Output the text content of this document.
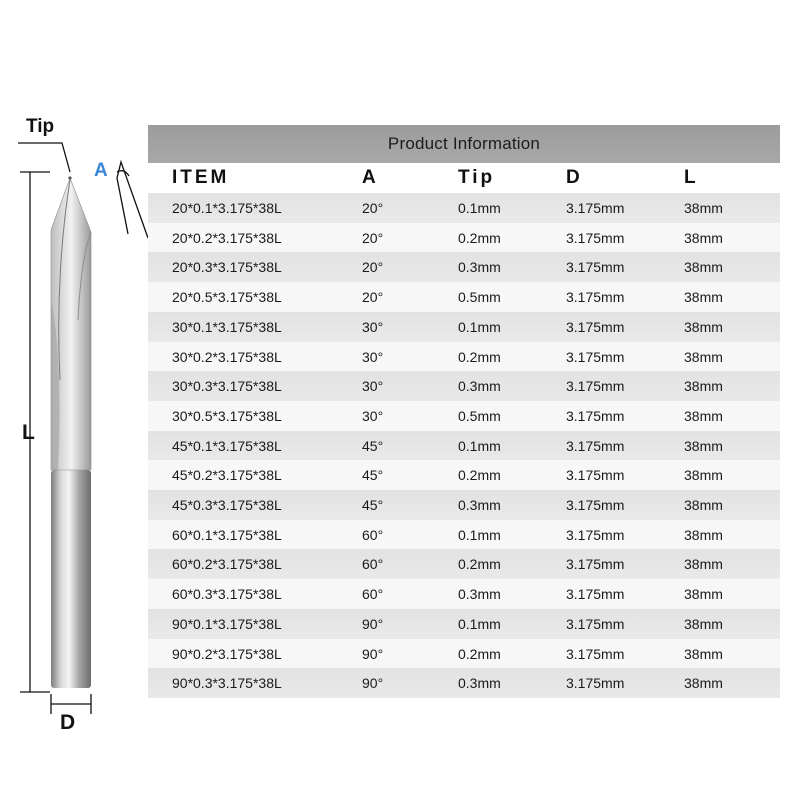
Tip
A
L
D
Product Information
ITEM	A	Tip	D	L
20*0.1*3.175*38L	20°	0.1mm	3.175mm	38mm
20*0.2*3.175*38L	20°	0.2mm	3.175mm	38mm
20*0.3*3.175*38L	20°	0.3mm	3.175mm	38mm
20*0.5*3.175*38L	20°	0.5mm	3.175mm	38mm
30*0.1*3.175*38L	30°	0.1mm	3.175mm	38mm
30*0.2*3.175*38L	30°	0.2mm	3.175mm	38mm
30*0.3*3.175*38L	30°	0.3mm	3.175mm	38mm
30*0.5*3.175*38L	30°	0.5mm	3.175mm	38mm
45*0.1*3.175*38L	45°	0.1mm	3.175mm	38mm
45*0.2*3.175*38L	45°	0.2mm	3.175mm	38mm
45*0.3*3.175*38L	45°	0.3mm	3.175mm	38mm
60*0.1*3.175*38L	60°	0.1mm	3.175mm	38mm
60*0.2*3.175*38L	60°	0.2mm	3.175mm	38mm
60*0.3*3.175*38L	60°	0.3mm	3.175mm	38mm
90*0.1*3.175*38L	90°	0.1mm	3.175mm	38mm
90*0.2*3.175*38L	90°	0.2mm	3.175mm	38mm
90*0.3*3.175*38L	90°	0.3mm	3.175mm	38mm
